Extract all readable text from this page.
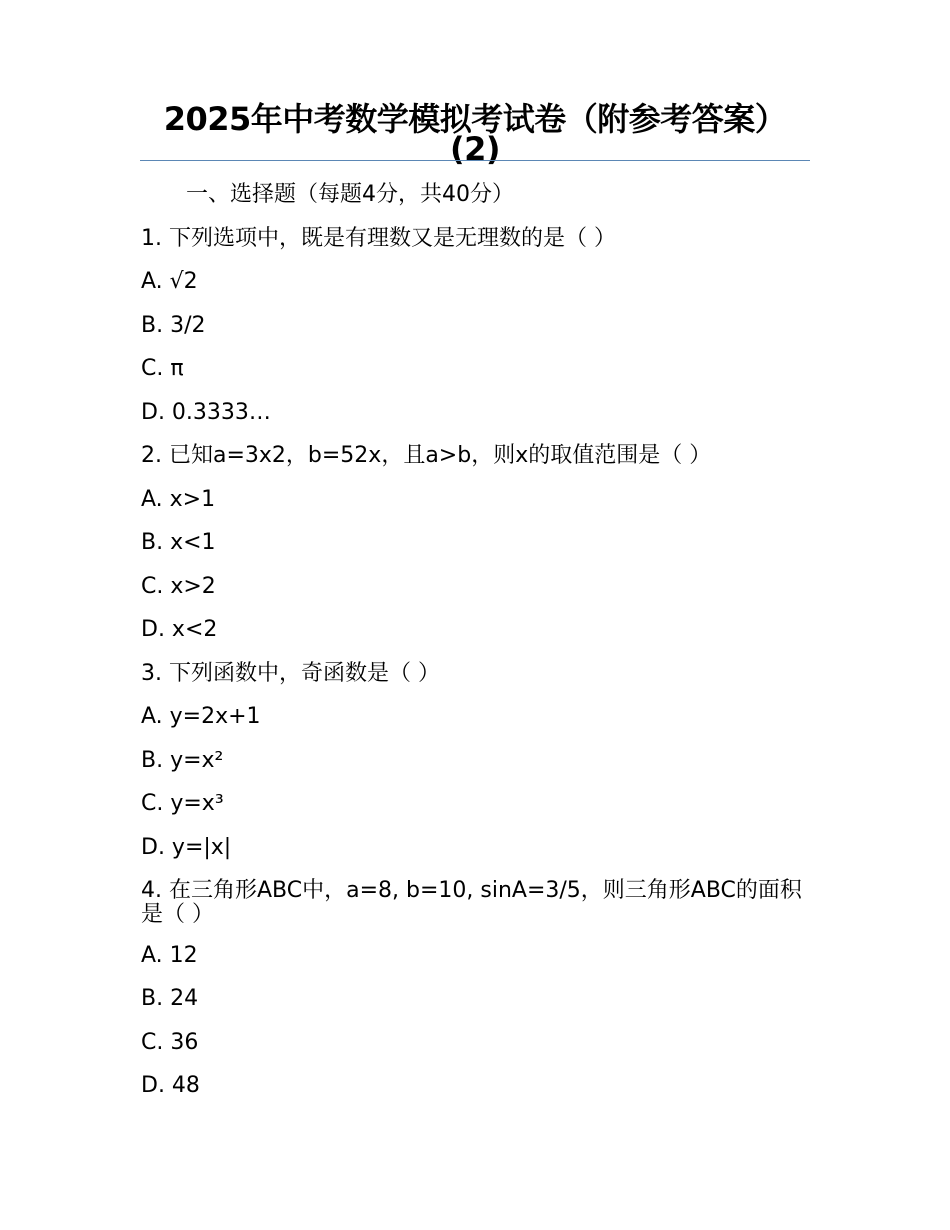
2025年中考数学模拟考试卷（附参考答案）(2)
一、选择题（每题4分，共40分）
1. 下列选项中，既是有理数又是无理数的是（ ）
A. √2
B. 3/2
C. π
D. 0.3333…
2. 已知a=3x2，b=52x，且a>b，则x的取值范围是（ ）
A. x>1
B. x<1
C. x>2
D. x<2
3. 下列函数中，奇函数是（ ）
A. y=2x+1
B. y=x²
C. y=x³
D. y=|x|
4. 在三角形ABC中，a=8, b=10, sinA=3/5，则三角形ABC的面积是（ ）
A. 12
B. 24
C. 36
D. 48
